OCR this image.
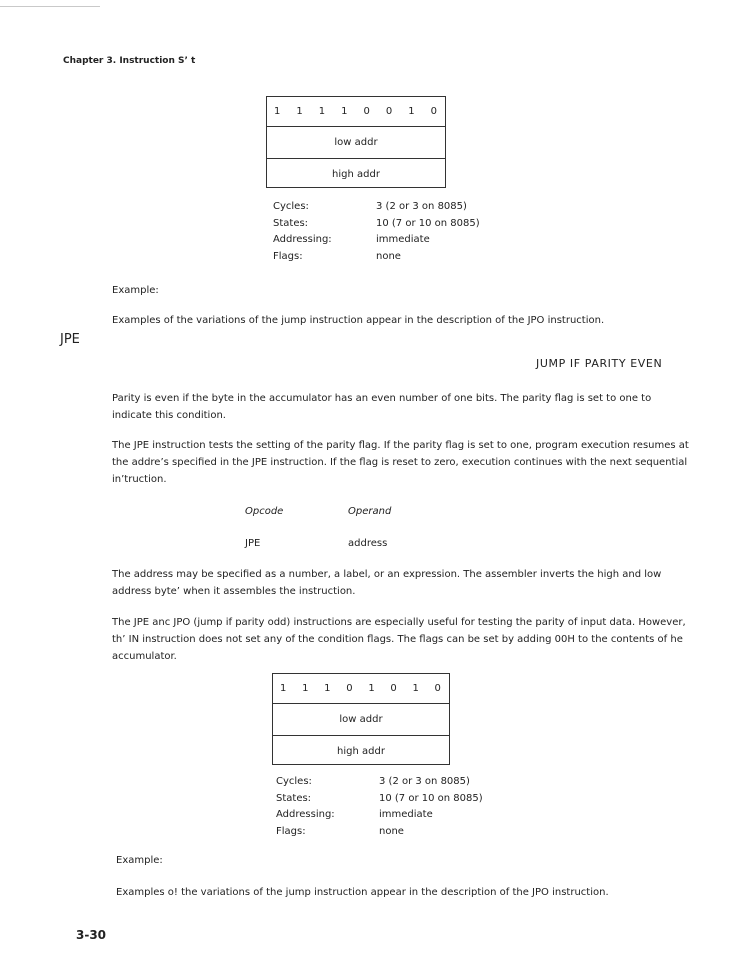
Chapter 3. Instruction S’ t
1 1 1 1 0 0 1 0
low addr
high addr
Cycles:	3 (2 or 3 on 8085)
States:	10 (7 or 10 on 8085)
Addressing:	immediate
Flags:	none
Example:
Examples of the variations of the jump instruction appear in the description of the JPO instruction.
JPE
JUMP IF PARITY EVEN

Parity is even if the byte in the accumulator has an even number of one bits. The parity flag is set to one to indicate this condition.

The JPE instruction tests the setting of the parity flag. If the parity flag is set to one, program execution resumes at the addre’s specified in the JPE instruction. If the flag is reset to zero, execution continues with the next sequential in’truction.

Opcode	Operand
JPE	address

The address may be specified as a number, a label, or an expression. The assembler inverts the high and low address byte’ when it assembles the instruction.

The JPE anc JPO (jump if parity odd) instructions are especially useful for testing the parity of input data. However, th’ IN instruction does not set any of the condition flags. The flags can be set by adding 00H to the contents of he accumulator.

1 1 1 0 1 0 1 0
low addr
high addr
Cycles:	3 (2 or 3 on 8085)
States:	10 (7 or 10 on 8085)
Addressing:	immediate
Flags:	none
Example:
Examples o! the variations of the jump instruction appear in the description of the JPO instruction.
3-30
